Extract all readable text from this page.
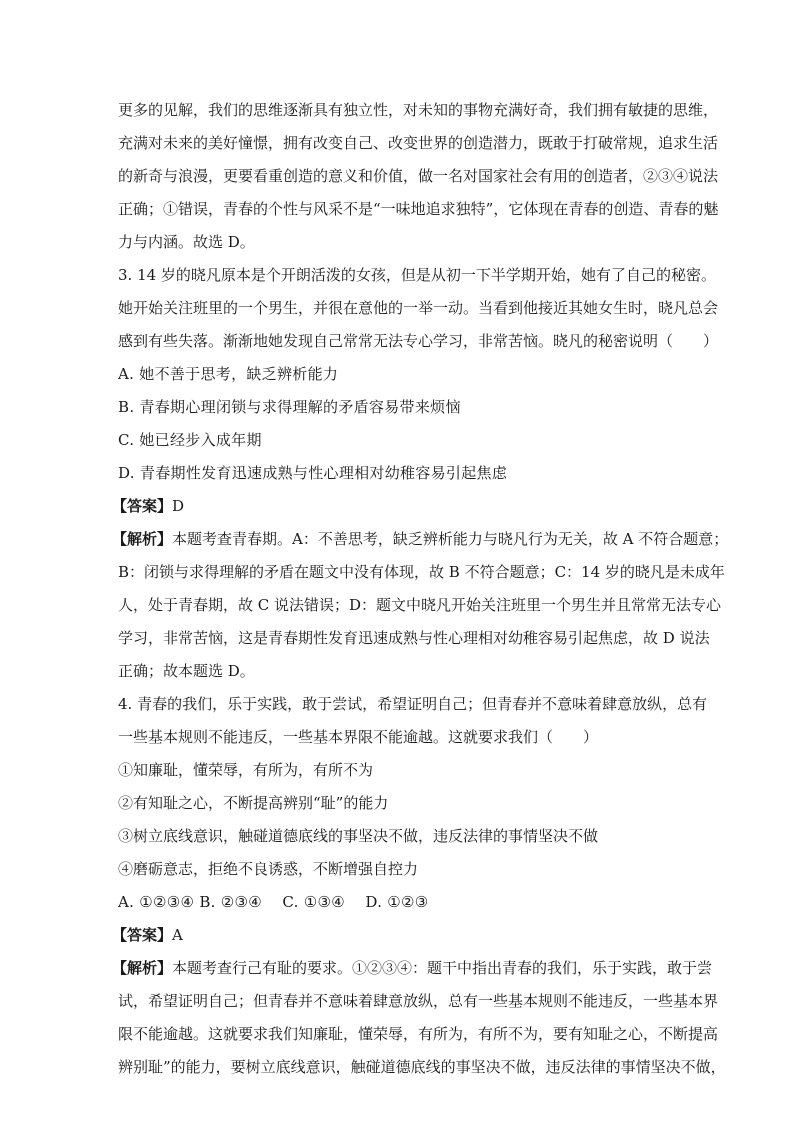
更多的见解，我们的思维逐渐具有独立性，对未知的事物充满好奇，我们拥有敏捷的思维，
充满对未来的美好憧憬，拥有改变自己、改变世界的创造潜力，既敢于打破常规，追求生活
的新奇与浪漫，更要看重创造的意义和价值，做一名对国家社会有用的创造者，②③④说法
正确；①错误，青春的个性与风采不是“一味地追求独特”，它体现在青春的创造、青春的魅
力与内涵。故选 D。
3. 14 岁的晓凡原本是个开朗活泼的女孩，但是从初一下半学期开始，她有了自己的秘密。
她开始关注班里的一个男生，并很在意他的一举一动。当看到他接近其她女生时，晓凡总会
感到有些失落。渐渐地她发现自己常常无法专心学习，非常苦恼。晓凡的秘密说明（　　）
A. 她不善于思考，缺乏辨析能力
B. 青春期心理闭锁与求得理解的矛盾容易带来烦恼
C. 她已经步入成年期
D. 青春期性发育迅速成熟与性心理相对幼稚容易引起焦虑
【答案】D
【解析】本题考查青春期。A：不善思考，缺乏辨析能力与晓凡行为无关，故 A 不符合题意；
B：闭锁与求得理解的矛盾在题文中没有体现，故 B 不符合题意；C：14 岁的晓凡是未成年
人，处于青春期，故 C 说法错误；D：题文中晓凡开始关注班里一个男生并且常常无法专心
学习，非常苦恼，这是青春期性发育迅速成熟与性心理相对幼稚容易引起焦虑，故 D 说法
正确；故本题选 D。
4. 青春的我们，乐于实践，敢于尝试，希望证明自己；但青春并不意味着肆意放纵，总有
一些基本规则不能违反，一些基本界限不能逾越。这就要求我们（　　）
①知廉耻，懂荣辱，有所为，有所不为
②有知耻之心，不断提高辨别“耻”的能力
③树立底线意识，触碰道德底线的事坚决不做，违反法律的事情坚决不做
④磨砺意志，拒绝不良诱惑，不断增强自控力
A. ①②③④ B. ②③④　 C. ①③④　 D. ①②③
【答案】A
【解析】本题考查行己有耻的要求。①②③④：题干中指出青春的我们，乐于实践，敢于尝
试，希望证明自己；但青春并不意味着肆意放纵，总有一些基本规则不能违反，一些基本界
限不能逾越。这就要求我们知廉耻，懂荣辱，有所为，有所不为，要有知耻之心，不断提高
辨别耻”的能力，要树立底线意识，触碰道德底线的事坚决不做，违反法律的事情坚决不做，
